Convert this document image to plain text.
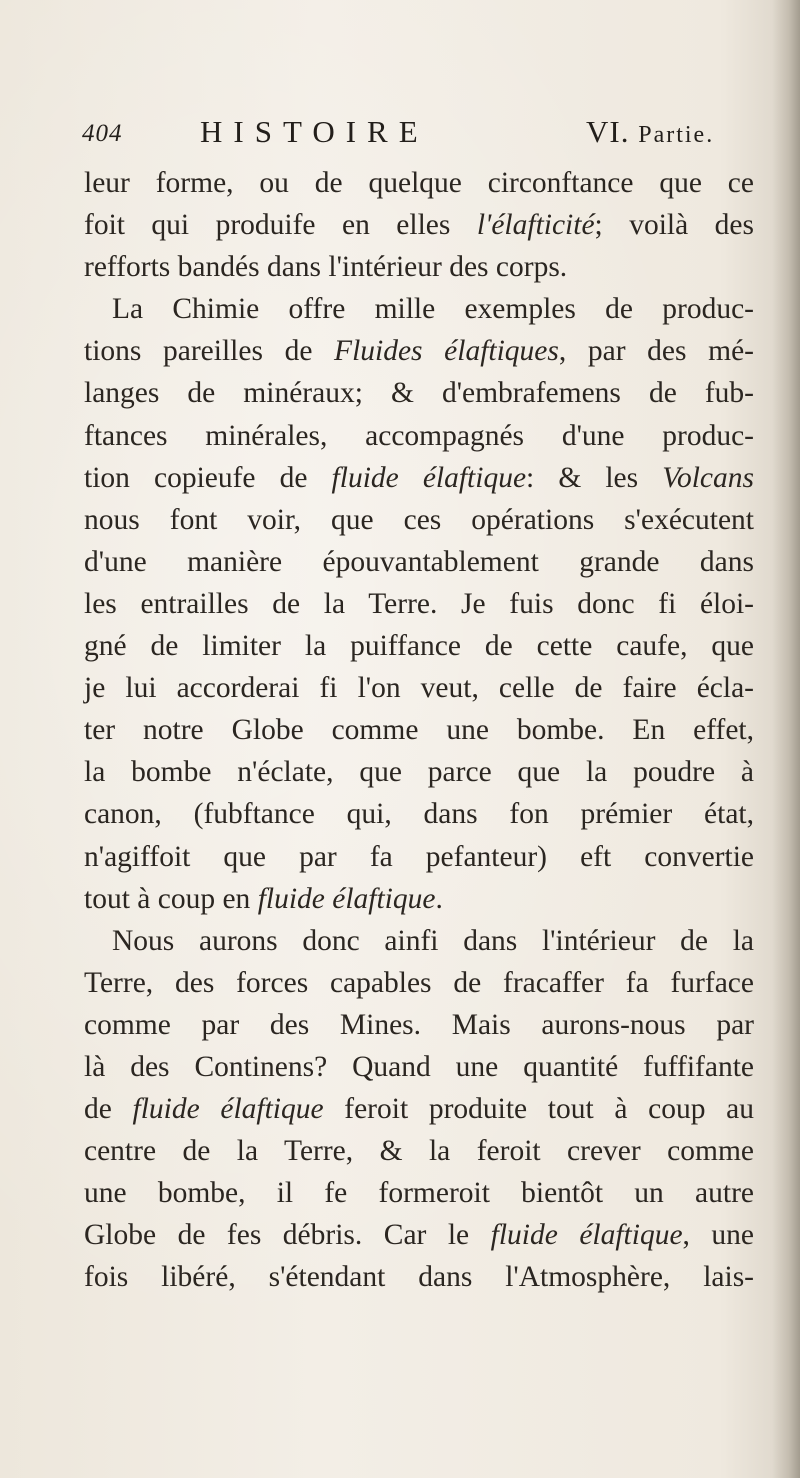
404	HISTOIRE	VI. Partie.
leur forme, ou de quelque circonftance que ce
foit qui produife en elles l'élafticité; voilà des
refforts bandés dans l'intérieur des corps.
La Chimie offre mille exemples de produc-
tions pareilles de Fluides élaftiques, par des mé-
langes de minéraux; & d'embrafemens de fub-
ftances minérales, accompagnés d'une produc-
tion copieufe de fluide élaftique: & les Volcans
nous font voir, que ces opérations s'exécutent
d'une manière épouvantablement grande dans
les entrailles de la Terre. Je fuis donc fi éloi-
gné de limiter la puiffance de cette caufe, que
je lui accorderai fi l'on veut, celle de faire écla-
ter notre Globe comme une bombe. En effet,
la bombe n'éclate, que parce que la poudre à
canon, (fubftance qui, dans fon prémier état,
n'agiffoit que par fa pefanteur) eft convertie
tout à coup en fluide élaftique.
Nous aurons donc ainfi dans l'intérieur de la
Terre, des forces capables de fracaffer fa furface
comme par des Mines. Mais aurons-nous par
là des Continens? Quand une quantité fuffifante
de fluide élaftique feroit produite tout à coup au
centre de la Terre, & la feroit crever comme
une bombe, il fe formeroit bientôt un autre
Globe de fes débris. Car le fluide élaftique, une
fois libéré, s'étendant dans l'Atmosphère, lais-
